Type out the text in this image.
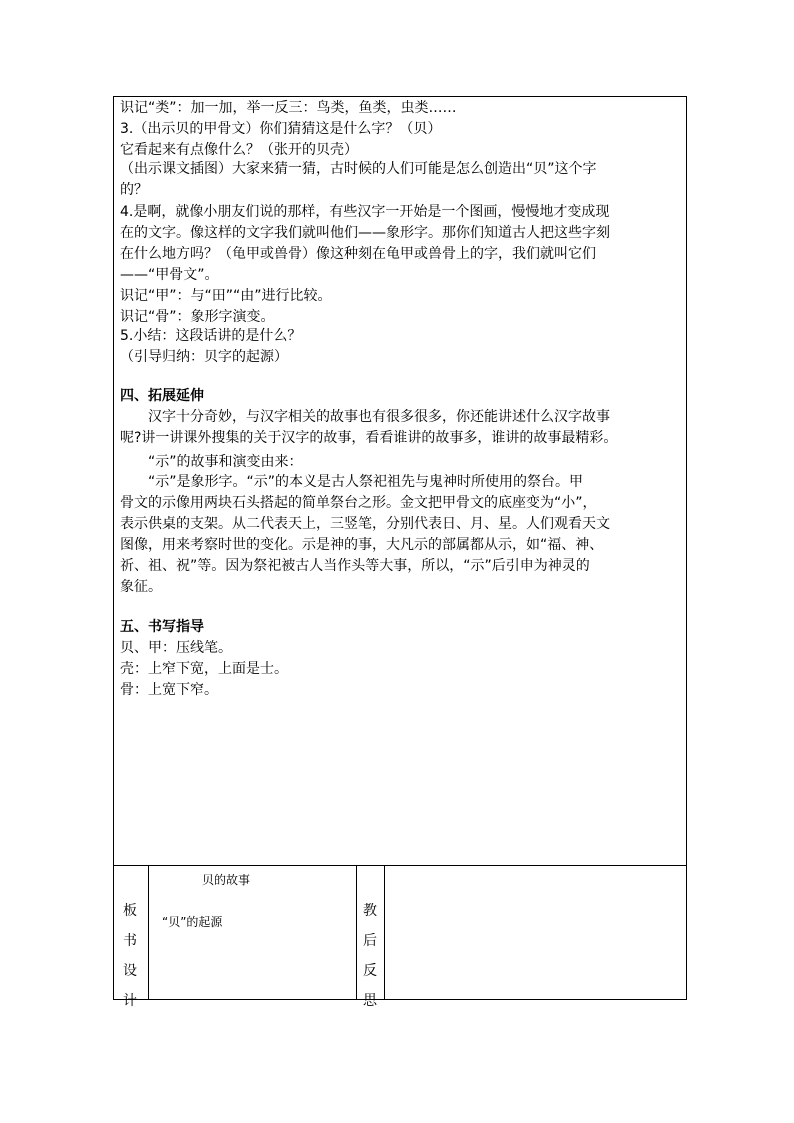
识记“类”：加一加，举一反三：鸟类，鱼类，虫类……
3.（出示贝的甲骨文）你们猜猜这是什么字？（贝）
它看起来有点像什么？（张开的贝壳）
（出示课文插图）大家来猜一猜，古时候的人们可能是怎么创造出“贝”这个字
的？
4.是啊，就像小朋友们说的那样，有些汉字一开始是一个图画，慢慢地才变成现
在的文字。像这样的文字我们就叫他们——象形字。那你们知道古人把这些字刻
在什么地方吗？（龟甲或兽骨）像这种刻在龟甲或兽骨上的字，我们就叫它们
——“甲骨文”。
识记“甲”：与“田”“由”进行比较。
识记“骨”：象形字演变。
5.小结：这段话讲的是什么？
（引导归纳：贝字的起源）
四、拓展延伸
汉字十分奇妙，与汉字相关的故事也有很多很多，你还能讲述什么汉字故事
呢?讲一讲课外搜集的关于汉字的故事，看看谁讲的故事多，谁讲的故事最精彩。
“示”的故事和演变由来：
“示”是象形字。“示”的本义是古人祭祀祖先与鬼神时所使用的祭台。甲
骨文的示像用两块石头搭起的简单祭台之形。金文把甲骨文的底座变为“小”，
表示供桌的支架。从二代表天上，三竖笔，分别代表日、月、星。人们观看天文
图像，用来考察时世的变化。示是神的事，大凡示的部属都从示，如“福、神、
祈、祖、祝”等。因为祭祀被古人当作头等大事，所以，“示”后引申为神灵的
象征。
五、书写指导
贝、甲：压线笔。
壳：上窄下宽，上面是士。
骨：上宽下窄。
板
书
设
计
贝的故事
“贝”的起源
教
后
反
思
